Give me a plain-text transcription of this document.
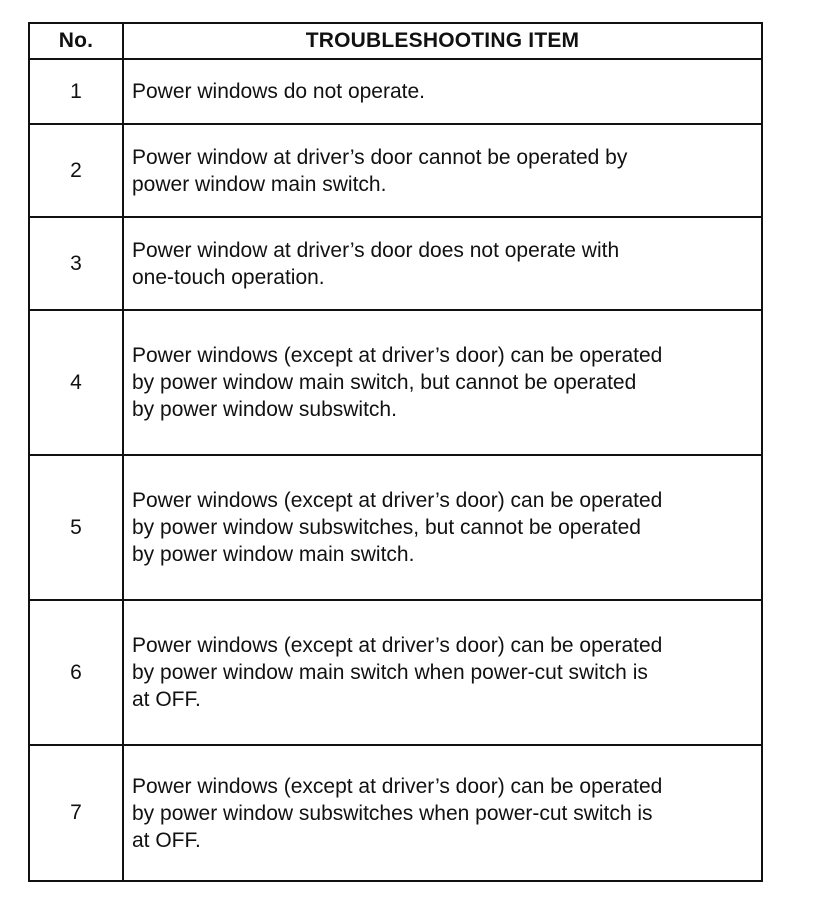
No.	TROUBLESHOOTING ITEM
1	Power windows do not operate.
2
Power window at driver’s door cannot be operated by
power window main switch.
3
Power window at driver’s door does not operate with
one-touch operation.
4
Power windows (except at driver’s door) can be operated
by power window main switch, but cannot be operated
by power window subswitch.
5
Power windows (except at driver’s door) can be operated
by power window subswitches, but cannot be operated
by power window main switch.
6
Power windows (except at driver’s door) can be operated
by power window main switch when power-cut switch is
at OFF.
7
Power windows (except at driver’s door) can be operated
by power window subswitches when power-cut switch is
at OFF.
